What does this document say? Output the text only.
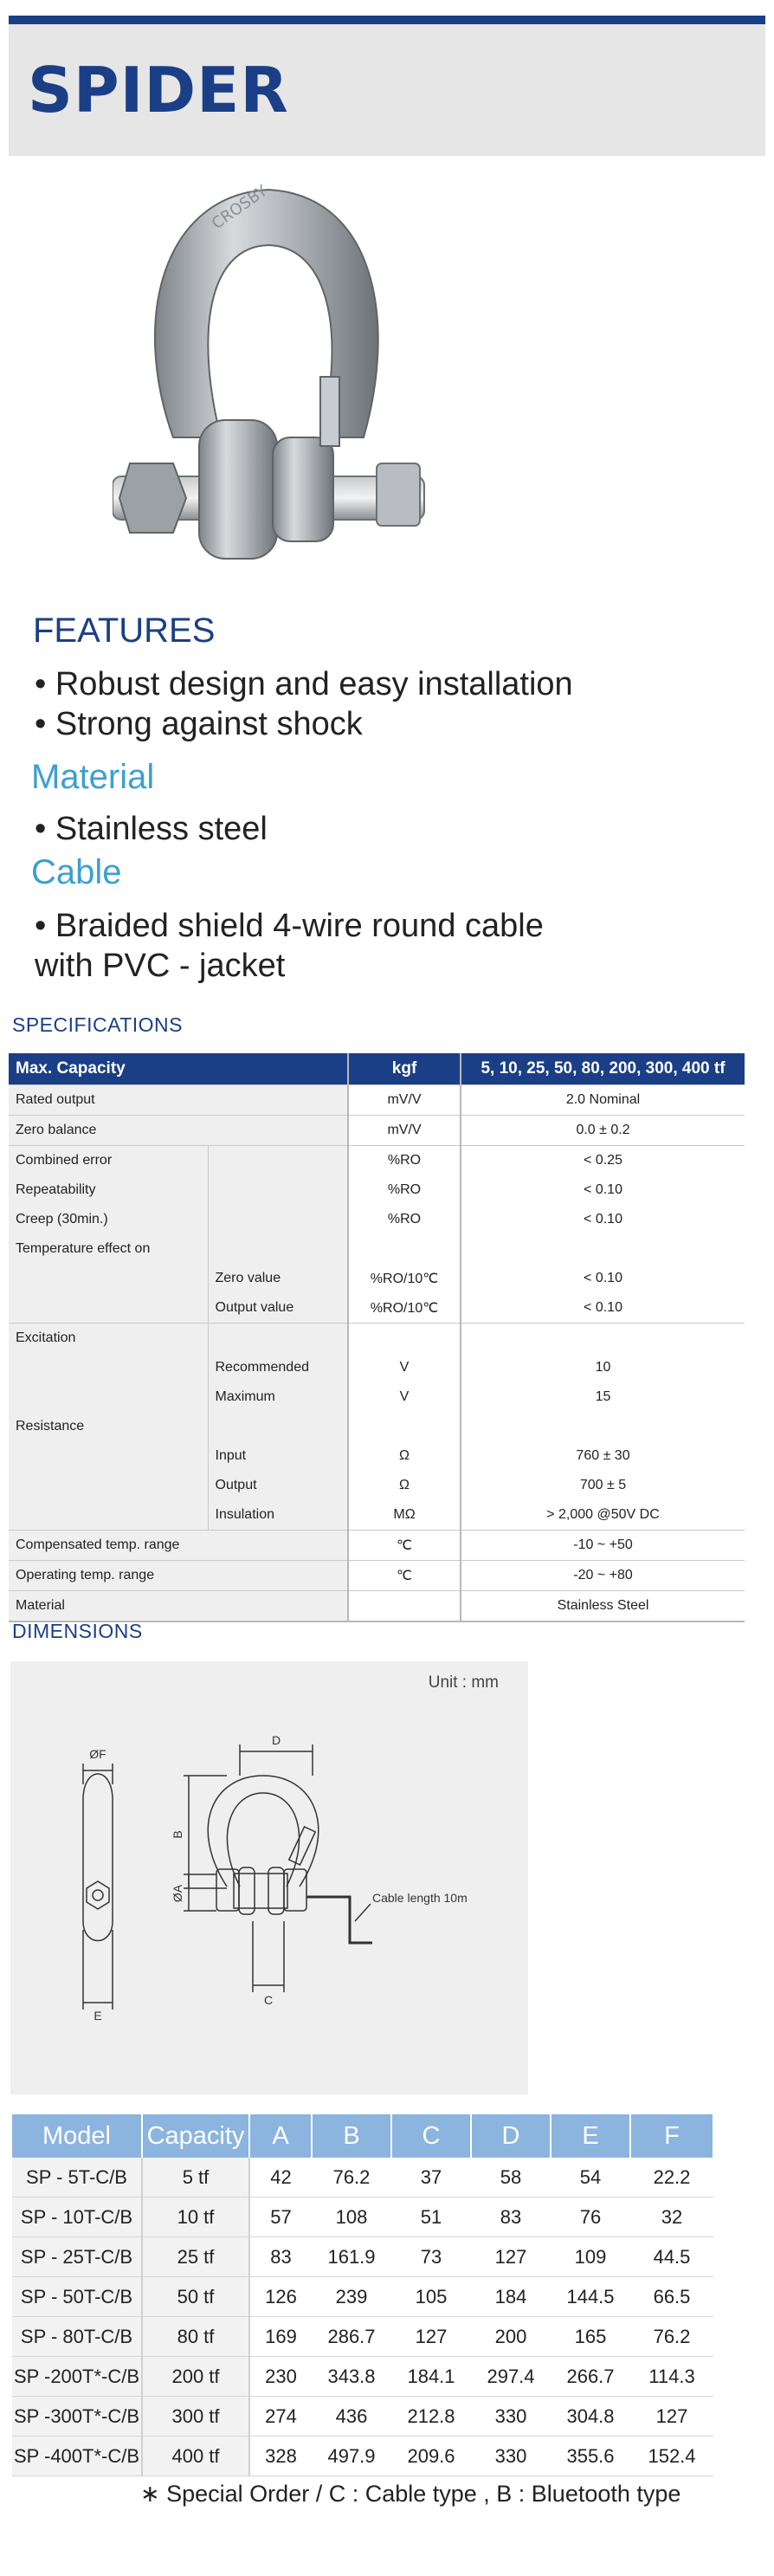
SPIDER
CROSBY
FEATURES
• Robust design and easy installation
• Strong against shock
Material
• Stainless steel
Cable
• Braided shield 4-wire round cable
with PVC - jacket
SPECIFICATIONS
Max. Capacity		kgf	5, 10, 25, 50, 80, 200, 300, 400 tf
Rated output		mV/V	2.0 Nominal
Zero balance		mV/V	0.0 ± 0.2
Combined error		%RO	< 0.25
Repeatability		%RO	< 0.10
Creep (30min.)		%RO	< 0.10
Temperature effect on			
	Zero value	%RO/10℃	< 0.10
	Output value	%RO/10℃	< 0.10
Excitation			
	Recommended	V	10
	Maximum	V	15
Resistance			
	Input	Ω	760 ± 30
	Output	Ω	700 ± 5
	Insulation	MΩ	> 2,000 @50V DC
Compensated temp. range		℃	-10 ~ +50
Operating temp. range		℃	-20 ~ +80
Material			Stainless Steel
DIMENSIONS
Unit : mm
ØF
E
D
B
ØA
C
Cable length 10m
Model	Capacity	A	B	C	D	E	F
SP - 5T-C/B	5 tf	42	76.2	37	58	54	22.2
SP - 10T-C/B	10 tf	57	108	51	83	76	32
SP - 25T-C/B	25 tf	83	161.9	73	127	109	44.5
SP - 50T-C/B	50 tf	126	239	105	184	144.5	66.5
SP - 80T-C/B	80 tf	169	286.7	127	200	165	76.2
SP -200T*-C/B	200 tf	230	343.8	184.1	297.4	266.7	114.3
SP -300T*-C/B	300 tf	274	436	212.8	330	304.8	127
SP -400T*-C/B	400 tf	328	497.9	209.6	330	355.6	152.4
∗ Special Order / C : Cable type , B : Bluetooth type
